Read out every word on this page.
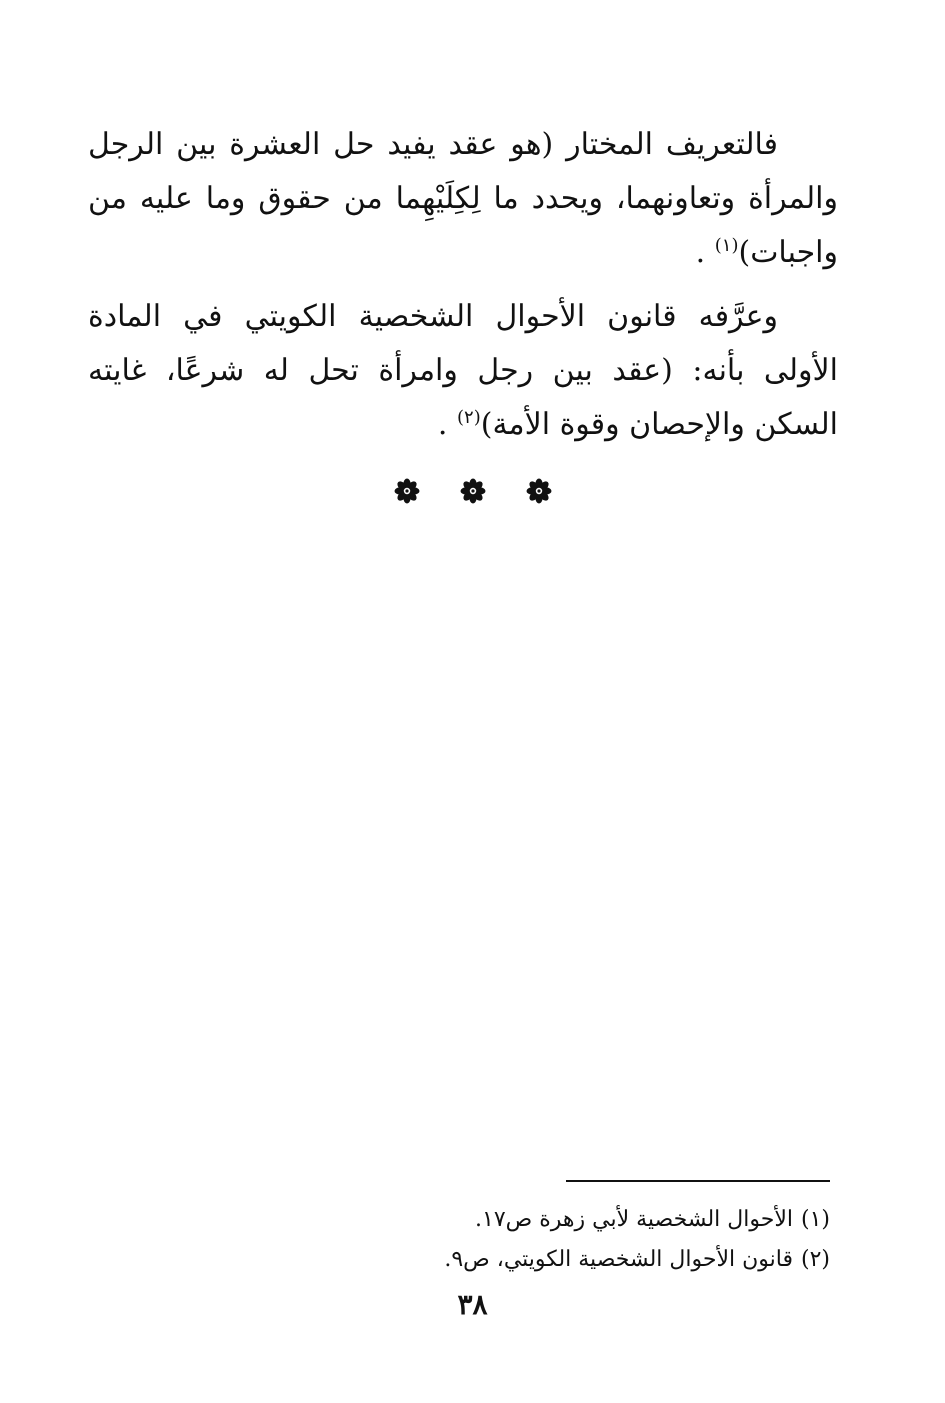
فالتعريف المختار (هو عقد يفيد حل العشرة بين الرجل والمرأة وتعاونهما، ويحدد ما لِكِلَيْهِما من حقوق وما عليه من واجبات)$^{(١)}$ .

وعرَّفه قانون الأحوال الشخصية الكويتي في المادة الأولى بأنه: (عقد بين رجل وامرأة تحل له شرعًا، غايته السكن والإحصان وقوة الأمة)$^{(٢)}$ .

(١)الأحوال الشخصية لأبي زهرة ص١٧.

(٢)قانون الأحوال الشخصية الكويتي، ص٩.

٣٨
